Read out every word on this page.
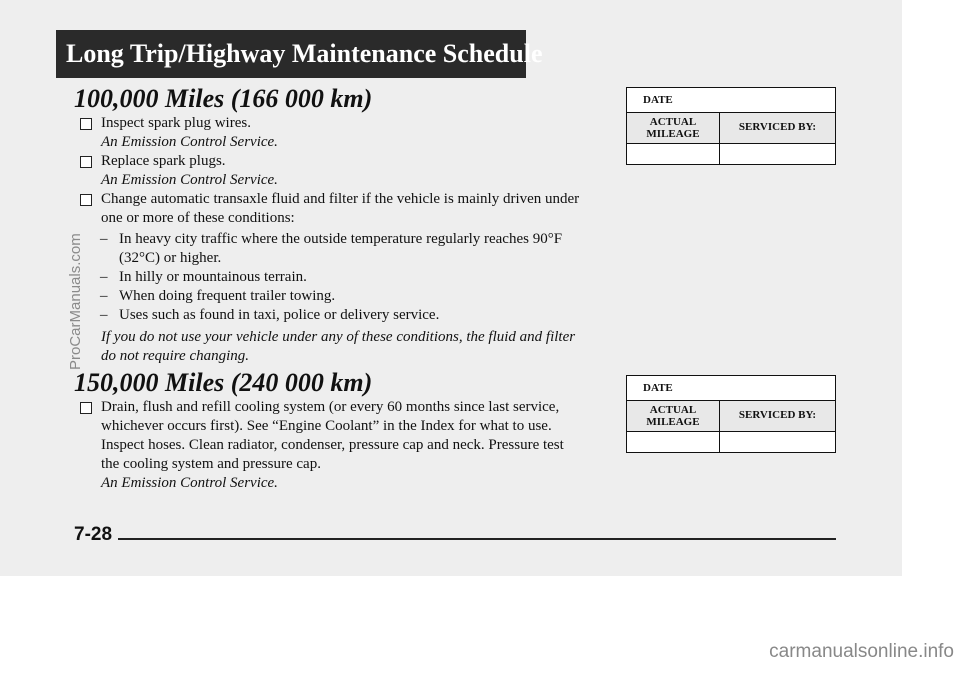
Long Trip/Highway Maintenance Schedule
ProCarManuals.com
100,000 Miles (166 000 km)
Inspect spark plug wires.
An Emission Control Service.
Replace spark plugs.
An Emission Control Service.
Change automatic transaxle fluid and filter if the vehicle is mainly driven under one or more of these conditions:
– In heavy city traffic where the outside temperature regularly reaches 90°F (32°C) or higher.
– In hilly or mountainous terrain.
– When doing frequent trailer towing.
– Uses such as found in taxi, police or delivery service.
If you do not use your vehicle under any of these conditions, the fluid and filter do not require changing.
DATE
ACTUAL MILEAGE
SERVICED BY:
150,000 Miles (240 000 km)
Drain, flush and refill cooling system (or every 60 months since last service, whichever occurs first). See “Engine Coolant” in the Index for what to use. Inspect hoses. Clean radiator, condenser, pressure cap and neck. Pressure test the cooling system and pressure cap.
An Emission Control Service.
DATE
ACTUAL MILEAGE
SERVICED BY:
7-28
carmanualsonline.info
